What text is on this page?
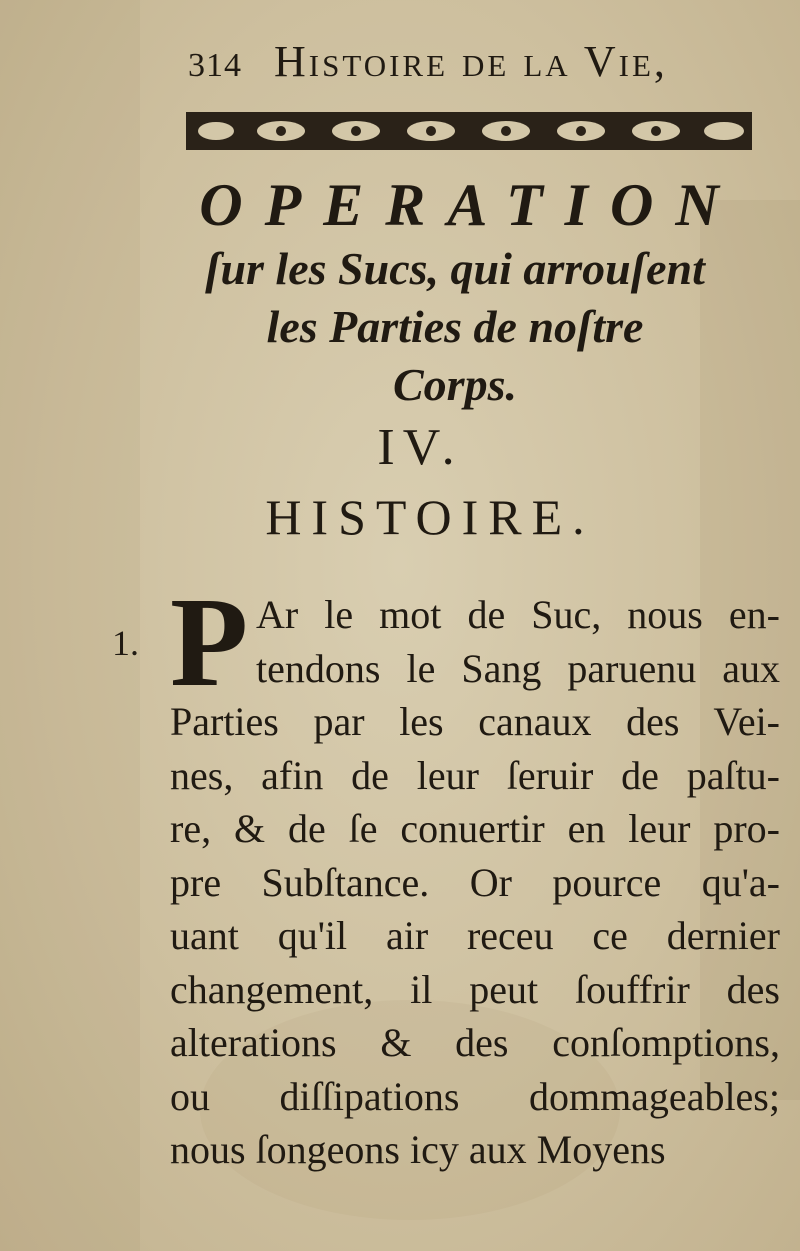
314 Histoire de la Vie,
OPERATION
ſur les Sucs, qui arrouſent
les Parties de noſtre
Corps.
IV.
HISTOIRE.
1. P Ar le mot de Suc, nous en-
tendons le Sang paruenu aux
Parties par les canaux des Vei-
nes, afin de leur ſeruir de paſtu-
re, & de ſe conuertir en leur pro-
pre Subſtance. Or pource qu'a-
uant qu'il air receu ce dernier
changement, il peut ſouffrir des
alterations & des conſomptions,
ou diſſipations dommageables;
nous ſongeons icy aux Moyens
